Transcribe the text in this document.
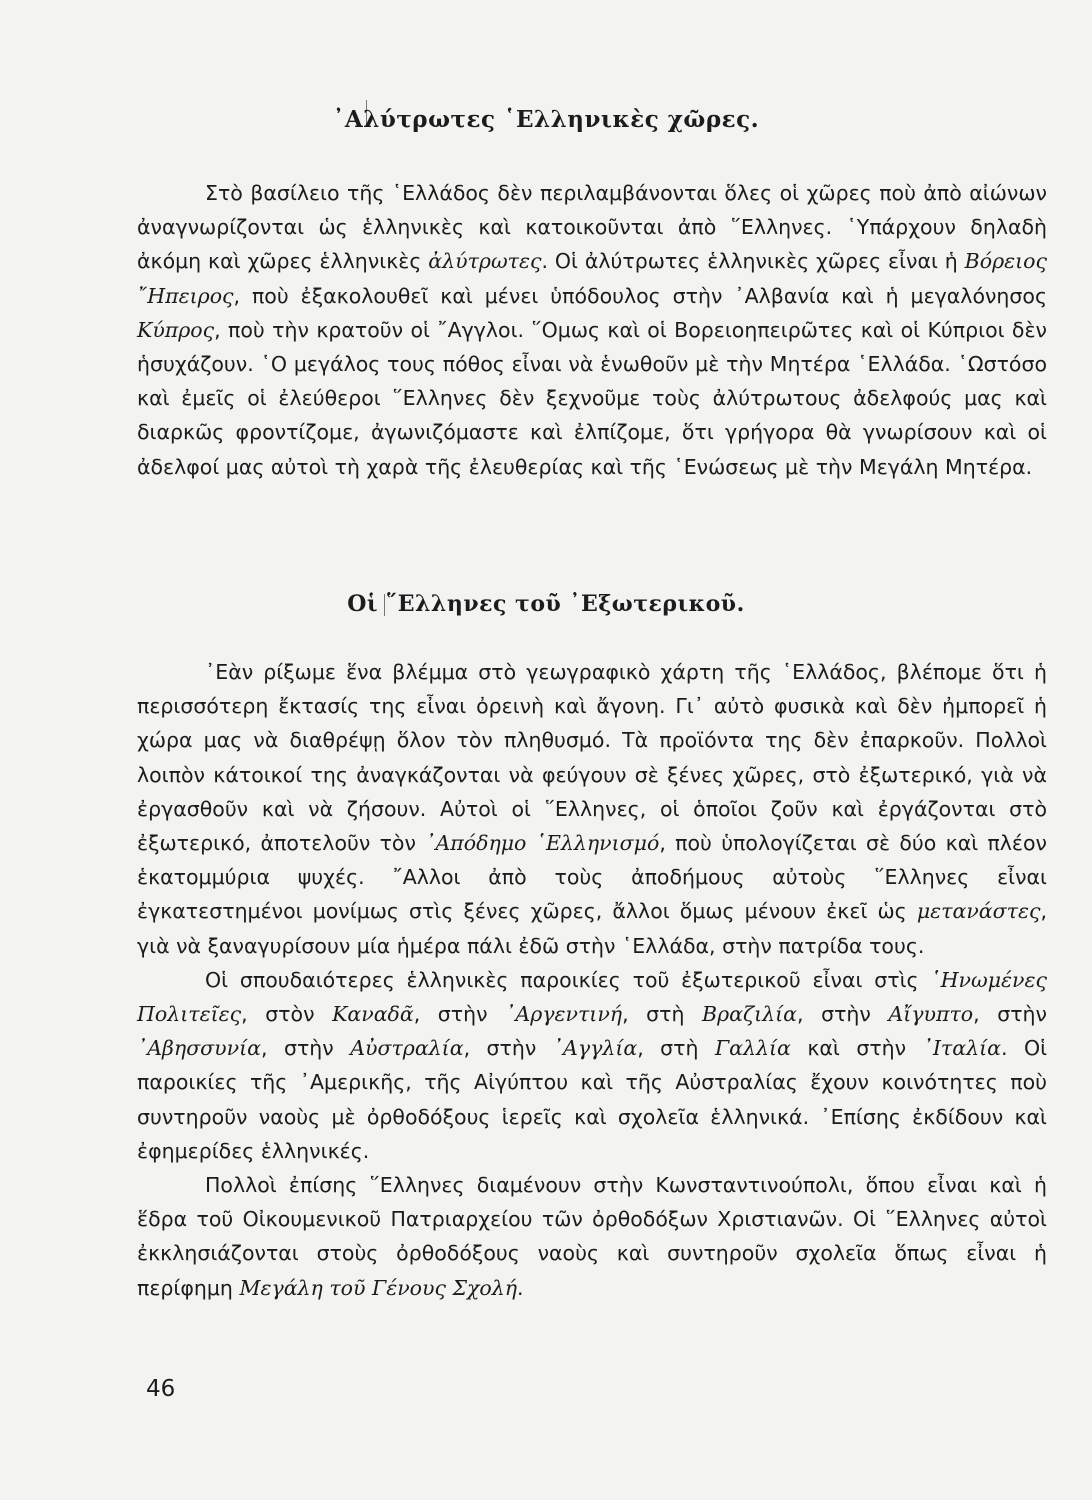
᾿Αλύτρωτες ῾Ελληνικὲς χῶρες.

Στὸ βασίλειο τῆς ῾Ελλάδος δὲν περιλαμβάνονται ὅλες οἱ χῶρες ποὺ ἀπὸ αἰώνων ἀναγνωρίζονται ὡς ἑλληνικὲς καὶ κατοικοῦνται ἀπὸ ῞Ελληνες. ῾Υπάρχουν δηλαδὴ ἀκόμη καὶ χῶρες ἑλληνικὲς ἀλύτρωτες. Οἱ ἀλύτρωτες ἑλληνικὲς χῶρες εἶναι ἡ Βόρειος ῎Ηπειρος, ποὺ ἐξακολουθεῖ καὶ μένει ὑπόδουλος στὴν ᾿Αλβανία καὶ ἡ μεγαλόνησος Κύπρος, ποὺ τὴν κρατοῦν οἱ ῎Αγγλοι. ῞Ομως καὶ οἱ Βορειοηπειρῶτες καὶ οἱ Κύπριοι δὲν ἡσυχάζουν. ῾Ο μεγάλος τους πόθος εἶναι νὰ ἑνωθοῦν μὲ τὴν Μητέρα ῾Ελλάδα. ῾Ωστόσο καὶ ἐμεῖς οἱ ἐλεύθεροι ῞Ελληνες δὲν ξεχνοῦμε τοὺς ἀλύτρωτους ἀδελφούς μας καὶ διαρκῶς φροντίζομε, ἀγωνιζόμαστε καὶ ἐλπίζομε, ὅτι γρήγορα θὰ γνωρίσουν καὶ οἱ ἀδελφοί μας αὐτοὶ τὴ χαρὰ τῆς ἐλευθερίας καὶ τῆς ῾Ενώσεως μὲ τὴν Μεγάλη Μητέρα.

Οἱ ῞Ελληνες τοῦ ᾿Εξωτερικοῦ.

᾿Εὰν ρίξωμε ἕνα βλέμμα στὸ γεωγραφικὸ χάρτη τῆς ῾Ελλάδος, βλέπομε ὅτι ἡ περισσότερη ἔκτασίς της εἶναι ὀρεινὴ καὶ ἄγονη. Γι᾿ αὐτὸ φυσικὰ καὶ δὲν ἠμπορεῖ ἡ χώρα μας νὰ διαθρέψῃ ὅλον τὸν πληθυσμό. Τὰ προϊόντα της δὲν ἐπαρκοῦν. Πολλοὶ λοιπὸν κάτοικοί της ἀναγκάζονται νὰ φεύγουν σὲ ξένες χῶρες, στὸ ἐξωτερικό, γιὰ νὰ ἐργασθοῦν καὶ νὰ ζήσουν. Αὐτοὶ οἱ ῞Ελληνες, οἱ ὁποῖοι ζοῦν καὶ ἐργάζονται στὸ ἐξωτερικό, ἀποτελοῦν τὸν ᾿Απόδημο ῾Ελληνισμό, ποὺ ὑπολογίζεται σὲ δύο καὶ πλέον ἑκατομμύρια ψυχές. ῎Αλλοι ἀπὸ τοὺς ἀποδήμους αὐτοὺς ῞Ελληνες εἶναι ἐγκατεστημένοι μονίμως στὶς ξένες χῶρες, ἄλλοι ὅμως μένουν ἐκεῖ ὡς μετανάστες, γιὰ νὰ ξαναγυρίσουν μία ἡμέρα πάλι ἐδῶ στὴν ῾Ελλάδα, στὴν πατρίδα τους.

Οἱ σπουδαιότερες ἑλληνικὲς παροικίες τοῦ ἐξωτερικοῦ εἶναι στὶς ῾Ηνωμένες Πολιτεῖες, στὸν Καναδᾶ, στὴν ᾿Αργεντινή, στὴ Βραζιλία, στὴν Αἴγυπτο, στὴν ᾿Αβησσυνία, στὴν Αὐστραλία, στὴν ᾿Αγγλία, στὴ Γαλλία καὶ στὴν ᾿Ιταλία. Οἱ παροικίες τῆς ᾿Αμερικῆς, τῆς Αἰγύπτου καὶ τῆς Αὐστραλίας ἔχουν κοινότητες ποὺ συντηροῦν ναοὺς μὲ ὀρθοδόξους ἱερεῖς καὶ σχολεῖα ἑλληνικά. ᾿Επίσης ἐκδίδουν καὶ ἐφημερίδες ἑλληνικές.

Πολλοὶ ἐπίσης ῞Ελληνες διαμένουν στὴν Κωνσταντινούπολι, ὅπου εἶναι καὶ ἡ ἕδρα τοῦ Οἰκουμενικοῦ Πατριαρχείου τῶν ὀρθοδόξων Χριστιανῶν. Οἱ ῞Ελληνες αὐτοὶ ἐκκλησιάζονται στοὺς ὀρθοδόξους ναοὺς καὶ συντηροῦν σχολεῖα ὅπως εἶναι ἡ περίφημη Μεγάλη τοῦ Γένους Σχολή.

46
